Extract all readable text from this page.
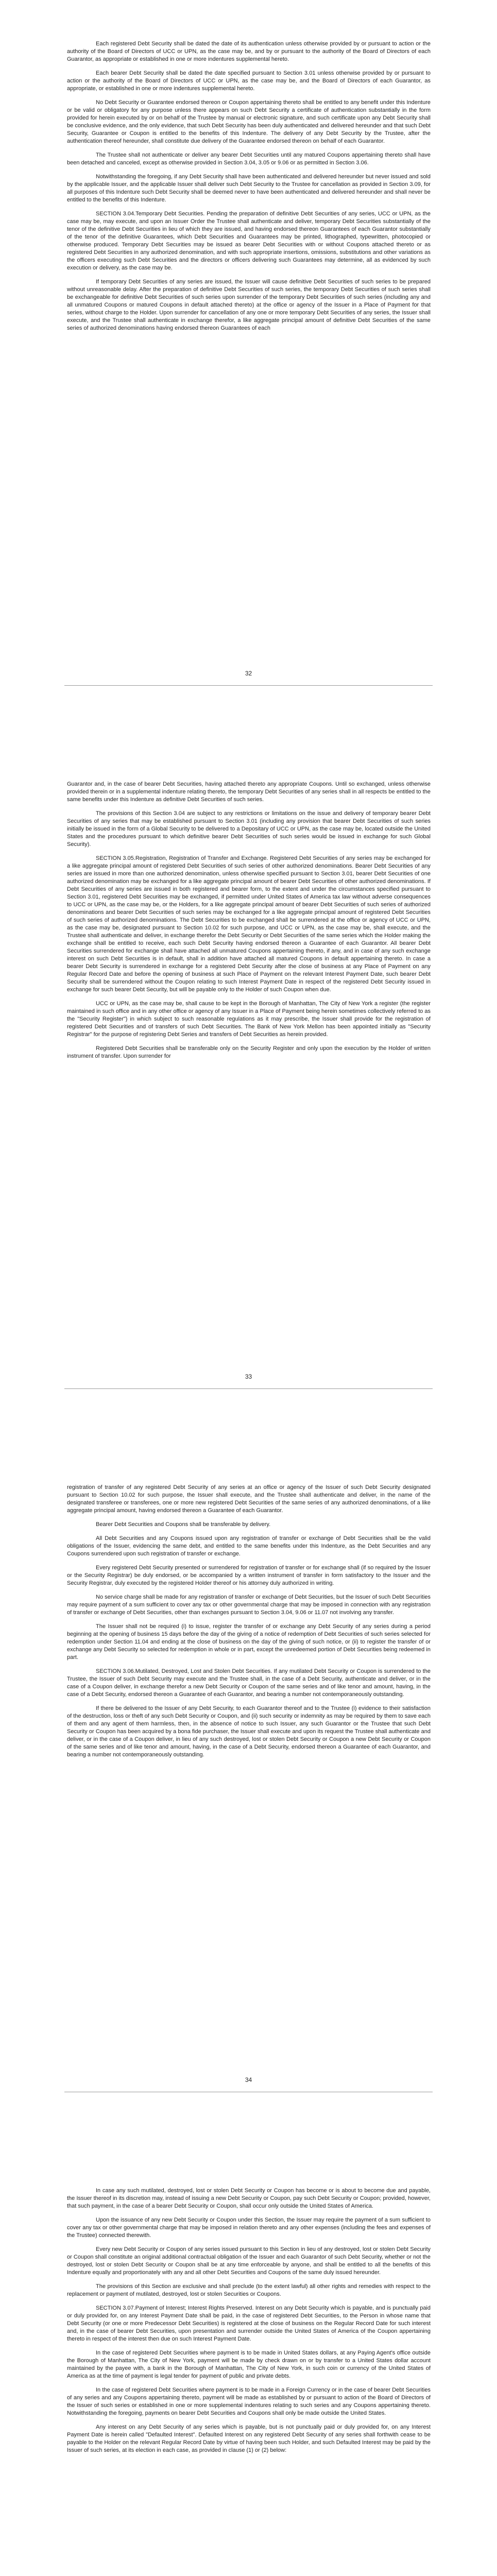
Each registered Debt Security shall be dated the date of its authentication unless otherwise provided by or pursuant to action or the authority of the Board of Directors of UCC or UPN, as the case may be, and by or pursuant to the authority of the Board of Directors of each Guarantor, as appropriate or established in one or more indentures supplemental hereto.

Each bearer Debt Security shall be dated the date specified pursuant to Section 3.01 unless otherwise provided by or pursuant to action or the authority of the Board of Directors of UCC or UPN, as the case may be, and the Board of Directors of each Guarantor, as appropriate, or established in one or more indentures supplemental hereto.

No Debt Security or Guarantee endorsed thereon or Coupon appertaining thereto shall be entitled to any benefit under this Indenture or be valid or obligatory for any purpose unless there appears on such Debt Security a certificate of authentication substantially in the form provided for herein executed by or on behalf of the Trustee by manual or electronic signature, and such certificate upon any Debt Security shall be conclusive evidence, and the only evidence, that such Debt Security has been duly authenticated and delivered hereunder and that such Debt Security, Guarantee or Coupon is entitled to the benefits of this Indenture. The delivery of any Debt Security by the Trustee, after the authentication thereof hereunder, shall constitute due delivery of the Guarantee endorsed thereon on behalf of each Guarantor.

The Trustee shall not authenticate or deliver any bearer Debt Securities until any matured Coupons appertaining thereto shall have been detached and canceled, except as otherwise provided in Section 3.04, 3.05 or 9.06 or as permitted in Section 3.06.

Notwithstanding the foregoing, if any Debt Security shall have been authenticated and delivered hereunder but never issued and sold by the applicable Issuer, and the applicable Issuer shall deliver such Debt Security to the Trustee for cancellation as provided in Section 3.09, for all purposes of this Indenture such Debt Security shall be deemed never to have been authenticated and delivered hereunder and shall never be entitled to the benefits of this Indenture.

SECTION 3.04.Temporary Debt Securities. Pending the preparation of definitive Debt Securities of any series, UCC or UPN, as the case may be, may execute, and upon an Issuer Order the Trustee shall authenticate and deliver, temporary Debt Securities substantially of the tenor of the definitive Debt Securities in lieu of which they are issued, and having endorsed thereon Guarantees of each Guarantor substantially of the tenor of the definitive Guarantees, which Debt Securities and Guarantees may be printed, lithographed, typewritten, photocopied or otherwise produced. Temporary Debt Securities may be issued as bearer Debt Securities with or without Coupons attached thereto or as registered Debt Securities in any authorized denomination, and with such appropriate insertions, omissions, substitutions and other variations as the officers executing such Debt Securities and the directors or officers delivering such Guarantees may determine, all as evidenced by such execution or delivery, as the case may be.

If temporary Debt Securities of any series are issued, the Issuer will cause definitive Debt Securities of such series to be prepared without unreasonable delay. After the preparation of definitive Debt Securities of such series, the temporary Debt Securities of such series shall be exchangeable for definitive Debt Securities of such series upon surrender of the temporary Debt Securities of such series (including any and all unmatured Coupons or matured Coupons in default attached thereto) at the office or agency of the Issuer in a Place of Payment for that series, without charge to the Holder. Upon surrender for cancellation of any one or more temporary Debt Securities of any series, the Issuer shall execute, and the Trustee shall authenticate in exchange therefor, a like aggregate principal amount of definitive Debt Securities of the same series of authorized denominations having endorsed thereon Guarantees of each

32

Guarantor and, in the case of bearer Debt Securities, having attached thereto any appropriate Coupons. Until so exchanged, unless otherwise provided therein or in a supplemental indenture relating thereto, the temporary Debt Securities of any series shall in all respects be entitled to the same benefits under this Indenture as definitive Debt Securities of such series.

The provisions of this Section 3.04 are subject to any restrictions or limitations on the issue and delivery of temporary bearer Debt Securities of any series that may be established pursuant to Section 3.01 (including any provision that bearer Debt Securities of such series initially be issued in the form of a Global Security to be delivered to a Depositary of UCC or UPN, as the case may be, located outside the United States and the procedures pursuant to which definitive bearer Debt Securities of such series would be issued in exchange for such Global Security).

SECTION 3.05.Registration, Registration of Transfer and Exchange. Registered Debt Securities of any series may be exchanged for a like aggregate principal amount of registered Debt Securities of such series of other authorized denominations. Bearer Debt Securities of any series are issued in more than one authorized denomination, unless otherwise specified pursuant to Section 3.01, bearer Debt Securities of one authorized denomination may be exchanged for a like aggregate principal amount of bearer Debt Securities of other authorized denominations. If Debt Securities of any series are issued in both registered and bearer form, to the extent and under the circumstances specified pursuant to Section 3.01, registered Debt Securities may be exchanged, if permitted under United States of America tax law without adverse consequences to UCC or UPN, as the case may be, or the Holders, for a like aggregate principal amount of bearer Debt Securities of such series of authorized denominations and bearer Debt Securities of such series may be exchanged for a like aggregate principal amount of registered Debt Securities of such series of authorized denominations. The Debt Securities to be exchanged shall be surrendered at the office or agency of UCC or UPN, as the case may be, designated pursuant to Section 10.02 for such purpose, and UCC or UPN, as the case may be, shall execute, and the Trustee shall authenticate and deliver, in exchange therefor the Debt Security or Debt Securities of the same series which the Holder making the exchange shall be entitled to receive, each such Debt Security having endorsed thereon a Guarantee of each Guarantor. All bearer Debt Securities surrendered for exchange shall have attached all unmatured Coupons appertaining thereto, if any, and in case of any such exchange interest on such Debt Securities is in default, shall in addition have attached all matured Coupons in default appertaining thereto. In case a bearer Debt Security is surrendered in exchange for a registered Debt Security after the close of business at any Place of Payment on any Regular Record Date and before the opening of business at such Place of Payment on the relevant Interest Payment Date, such bearer Debt Security shall be surrendered without the Coupon relating to such Interest Payment Date in respect of the registered Debt Security issued in exchange for such bearer Debt Security, but will be payable only to the Holder of such Coupon when due.

UCC or UPN, as the case may be, shall cause to be kept in the Borough of Manhattan, The City of New York a register (the register maintained in such office and in any other office or agency of any Issuer in a Place of Payment being herein sometimes collectively referred to as the "Security Register") in which subject to such reasonable regulations as it may prescribe, the Issuer shall provide for the registration of registered Debt Securities and of transfers of such Debt Securities. The Bank of New York Mellon has been appointed initially as "Security Registrar" for the purpose of registering Debt Series and transfers of Debt Securities as herein provided.

Registered Debt Securities shall be transferable only on the Security Register and only upon the execution by the Holder of written instrument of transfer. Upon surrender for

33

registration of transfer of any registered Debt Security of any series at an office or agency of the Issuer of such Debt Security designated pursuant to Section 10.02 for such purpose, the Issuer shall execute, and the Trustee shall authenticate and deliver, in the name of the designated transferee or transferees, one or more new registered Debt Securities of the same series of any authorized denominations, of a like aggregate principal amount, having endorsed thereon a Guarantee of each Guarantor.

Bearer Debt Securities and Coupons shall be transferable by delivery.

All Debt Securities and any Coupons issued upon any registration of transfer or exchange of Debt Securities shall be the valid obligations of the Issuer, evidencing the same debt, and entitled to the same benefits under this Indenture, as the Debt Securities and any Coupons surrendered upon such registration of transfer or exchange.

Every registered Debt Security presented or surrendered for registration of transfer or for exchange shall (if so required by the Issuer or the Security Registrar) be duly endorsed, or be accompanied by a written instrument of transfer in form satisfactory to the Issuer and the Security Registrar, duly executed by the registered Holder thereof or his attorney duly authorized in writing.

No service charge shall be made for any registration of transfer or exchange of Debt Securities, but the Issuer of such Debt Securities may require payment of a sum sufficient to cover any tax or other governmental charge that may be imposed in connection with any registration of transfer or exchange of Debt Securities, other than exchanges pursuant to Section 3.04, 9.06 or 11.07 not involving any transfer.

The Issuer shall not be required (i) to issue, register the transfer of or exchange any Debt Security of any series during a period beginning at the opening of business 15 days before the day of the giving of a notice of redemption of Debt Securities of such series selected for redemption under Section 11.04 and ending at the close of business on the day of the giving of such notice, or (ii) to register the transfer of or exchange any Debt Security so selected for redemption in whole or in part, except the unredeemed portion of Debt Securities being redeemed in part.

SECTION 3.06.Mutilated, Destroyed, Lost and Stolen Debt Securities. If any mutilated Debt Security or Coupon is surrendered to the Trustee, the Issuer of such Debt Security may execute and the Trustee shall, in the case of a Debt Security, authenticate and deliver, or in the case of a Coupon deliver, in exchange therefor a new Debt Security or Coupon of the same series and of like tenor and amount, having, in the case of a Debt Security, endorsed thereon a Guarantee of each Guarantor, and bearing a number not contemporaneously outstanding.

If there be delivered to the Issuer of any Debt Security, to each Guarantor thereof and to the Trustee (i) evidence to their satisfaction of the destruction, loss or theft of any such Debt Security or Coupon, and (ii) such security or indemnity as may be required by them to save each of them and any agent of them harmless, then, in the absence of notice to such Issuer, any such Guarantor or the Trustee that such Debt Security or Coupon has been acquired by a bona fide purchaser, the Issuer shall execute and upon its request the Trustee shall authenticate and deliver, or in the case of a Coupon deliver, in lieu of any such destroyed, lost or stolen Debt Security or Coupon a new Debt Security or Coupon of the same series and of like tenor and amount, having, in the case of a Debt Security, endorsed thereon a Guarantee of each Guarantor, and bearing a number not contemporaneously outstanding.

34

In case any such mutilated, destroyed, lost or stolen Debt Security or Coupon has become or is about to become due and payable, the Issuer thereof in its discretion may, instead of issuing a new Debt Security or Coupon, pay such Debt Security or Coupon; provided, however, that such payment, in the case of a bearer Debt Security or Coupon, shall occur only outside the United States of America.

Upon the issuance of any new Debt Security or Coupon under this Section, the Issuer may require the payment of a sum sufficient to cover any tax or other governmental charge that may be imposed in relation thereto and any other expenses (including the fees and expenses of the Trustee) connected therewith.

Every new Debt Security or Coupon of any series issued pursuant to this Section in lieu of any destroyed, lost or stolen Debt Security or Coupon shall constitute an original additional contractual obligation of the Issuer and each Guarantor of such Debt Security, whether or not the destroyed, lost or stolen Debt Security or Coupon shall be at any time enforceable by anyone, and shall be entitled to all the benefits of this Indenture equally and proportionately with any and all other Debt Securities and Coupons of the same duly issued hereunder.

The provisions of this Section are exclusive and shall preclude (to the extent lawful) all other rights and remedies with respect to the replacement or payment of mutilated, destroyed, lost or stolen Securities or Coupons.

SECTION 3.07.Payment of Interest; Interest Rights Preserved. Interest on any Debt Security which is payable, and is punctually paid or duly provided for, on any Interest Payment Date shall be paid, in the case of registered Debt Securities, to the Person in whose name that Debt Security (or one or more Predecessor Debt Securities) is registered at the close of business on the Regular Record Date for such interest and, in the case of bearer Debt Securities, upon presentation and surrender outside the United States of America of the Coupon appertaining thereto in respect of the interest then due on such Interest Payment Date.

In the case of registered Debt Securities where payment is to be made in United States dollars, at any Paying Agent's office outside the Borough of Manhattan, The City of New York, payment will be made by check drawn on or by transfer to a United States dollar account maintained by the payee with, a bank in the Borough of Manhattan, The City of New York, in such coin or currency of the United States of America as at the time of payment is legal tender for payment of public and private debts.

In the case of registered Debt Securities where payment is to be made in a Foreign Currency or in the case of bearer Debt Securities of any series and any Coupons appertaining thereto, payment will be made as established by or pursuant to action of the Board of Directors of the Issuer of such series or established in one or more supplemental indentures relating to such series and any Coupons appertaining thereto. Notwithstanding the foregoing, payments on bearer Debt Securities and Coupons shall only be made outside the United States.

Any interest on any Debt Security of any series which is payable, but is not punctually paid or duly provided for, on any Interest Payment Date is herein called "Defaulted Interest". Defaulted Interest on any registered Debt Security of any series shall forthwith cease to be payable to the Holder on the relevant Regular Record Date by virtue of having been such Holder, and such Defaulted Interest may be paid by the Issuer of such series, at its election in each case, as provided in clause (1) or (2) below:
